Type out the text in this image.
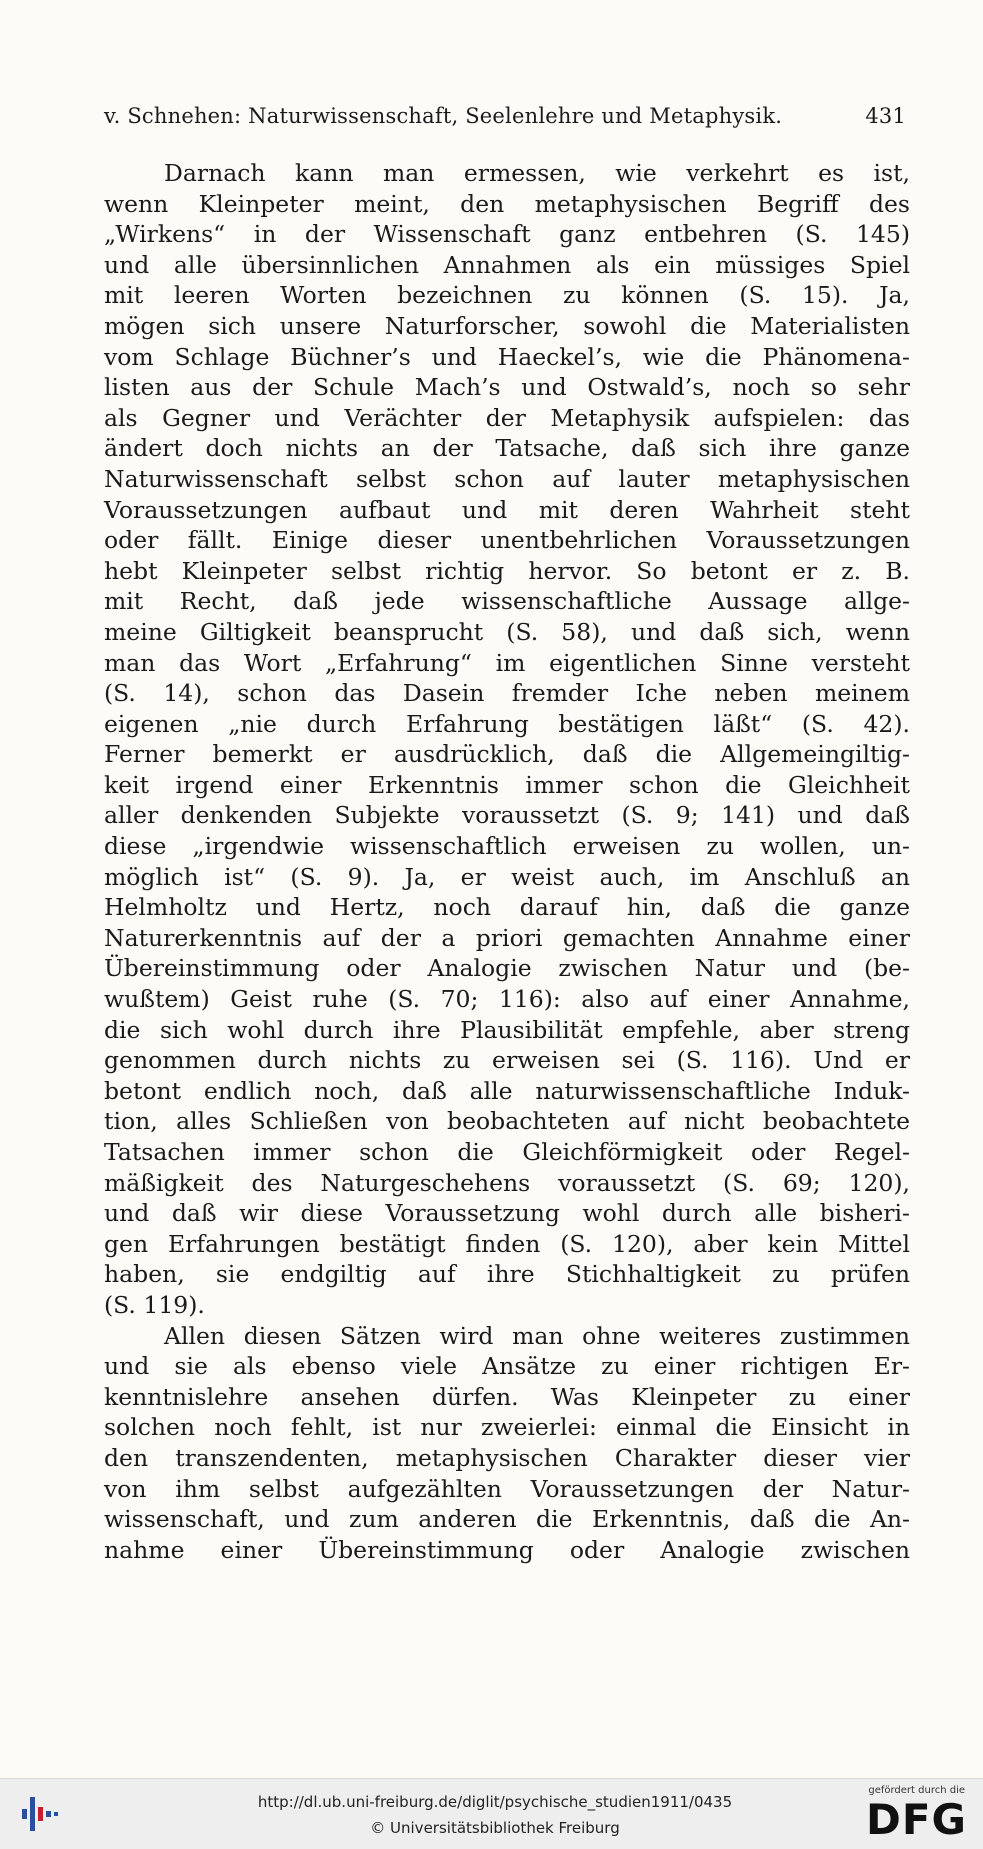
v. Schnehen: Naturwissenschaft, Seelenlehre und Metaphysik.	431
Darnach kann man ermessen, wie verkehrt es ist,
wenn Kleinpeter meint, den metaphysischen Begriff des
„Wirkens“ in der Wissenschaft ganz entbehren (S. 145)
und alle übersinnlichen Annahmen als ein müssiges Spiel
mit leeren Worten bezeichnen zu können (S. 15). Ja,
mögen sich unsere Naturforscher, sowohl die Materialisten
vom Schlage Büchner’s und Haeckel’s, wie die Phänomena-
listen aus der Schule Mach’s und Ostwald’s, noch so sehr
als Gegner und Verächter der Metaphysik aufspielen: das
ändert doch nichts an der Tatsache, daß sich ihre ganze
Naturwissenschaft selbst schon auf lauter metaphysischen
Voraussetzungen aufbaut und mit deren Wahrheit steht
oder fällt. Einige dieser unentbehrlichen Voraussetzungen
hebt Kleinpeter selbst richtig hervor. So betont er z. B.
mit Recht, daß jede wissenschaftliche Aussage allge-
meine Giltigkeit beansprucht (S. 58), und daß sich, wenn
man das Wort „Erfahrung“ im eigentlichen Sinne versteht
(S. 14), schon das Dasein fremder Iche neben meinem
eigenen „nie durch Erfahrung bestätigen läßt“ (S. 42).
Ferner bemerkt er ausdrücklich, daß die Allgemeingiltig-
keit irgend einer Erkenntnis immer schon die Gleichheit
aller denkenden Subjekte voraussetzt (S. 9; 141) und daß
diese „irgendwie wissenschaftlich erweisen zu wollen, un-
möglich ist“ (S. 9). Ja, er weist auch, im Anschluß an
Helmholtz und Hertz, noch darauf hin, daß die ganze
Naturerkenntnis auf der a priori gemachten Annahme einer
Übereinstimmung oder Analogie zwischen Natur und (be-
wußtem) Geist ruhe (S. 70; 116): also auf einer Annahme,
die sich wohl durch ihre Plausibilität empfehle, aber streng
genommen durch nichts zu erweisen sei (S. 116). Und er
betont endlich noch, daß alle naturwissenschaftliche Induk-
tion, alles Schließen von beobachteten auf nicht beobachtete
Tatsachen immer schon die Gleichförmigkeit oder Regel-
mäßigkeit des Naturgeschehens voraussetzt (S. 69; 120),
und daß wir diese Voraussetzung wohl durch alle bisheri-
gen Erfahrungen bestätigt finden (S. 120), aber kein Mittel
haben, sie endgiltig auf ihre Stichhaltigkeit zu prüfen
(S. 119).
Allen diesen Sätzen wird man ohne weiteres zustimmen
und sie als ebenso viele Ansätze zu einer richtigen Er-
kenntnislehre ansehen dürfen. Was Kleinpeter zu einer
solchen noch fehlt, ist nur zweierlei: einmal die Einsicht in
den transzendenten, metaphysischen Charakter dieser vier
von ihm selbst aufgezählten Voraussetzungen der Natur-
wissenschaft, und zum anderen die Erkenntnis, daß die An-
nahme einer Übereinstimmung oder Analogie zwischen
http://dl.ub.uni-freiburg.de/diglit/psychische_studien1911/0435
© Universitätsbibliothek Freiburg
gefördert durch die
DFG
